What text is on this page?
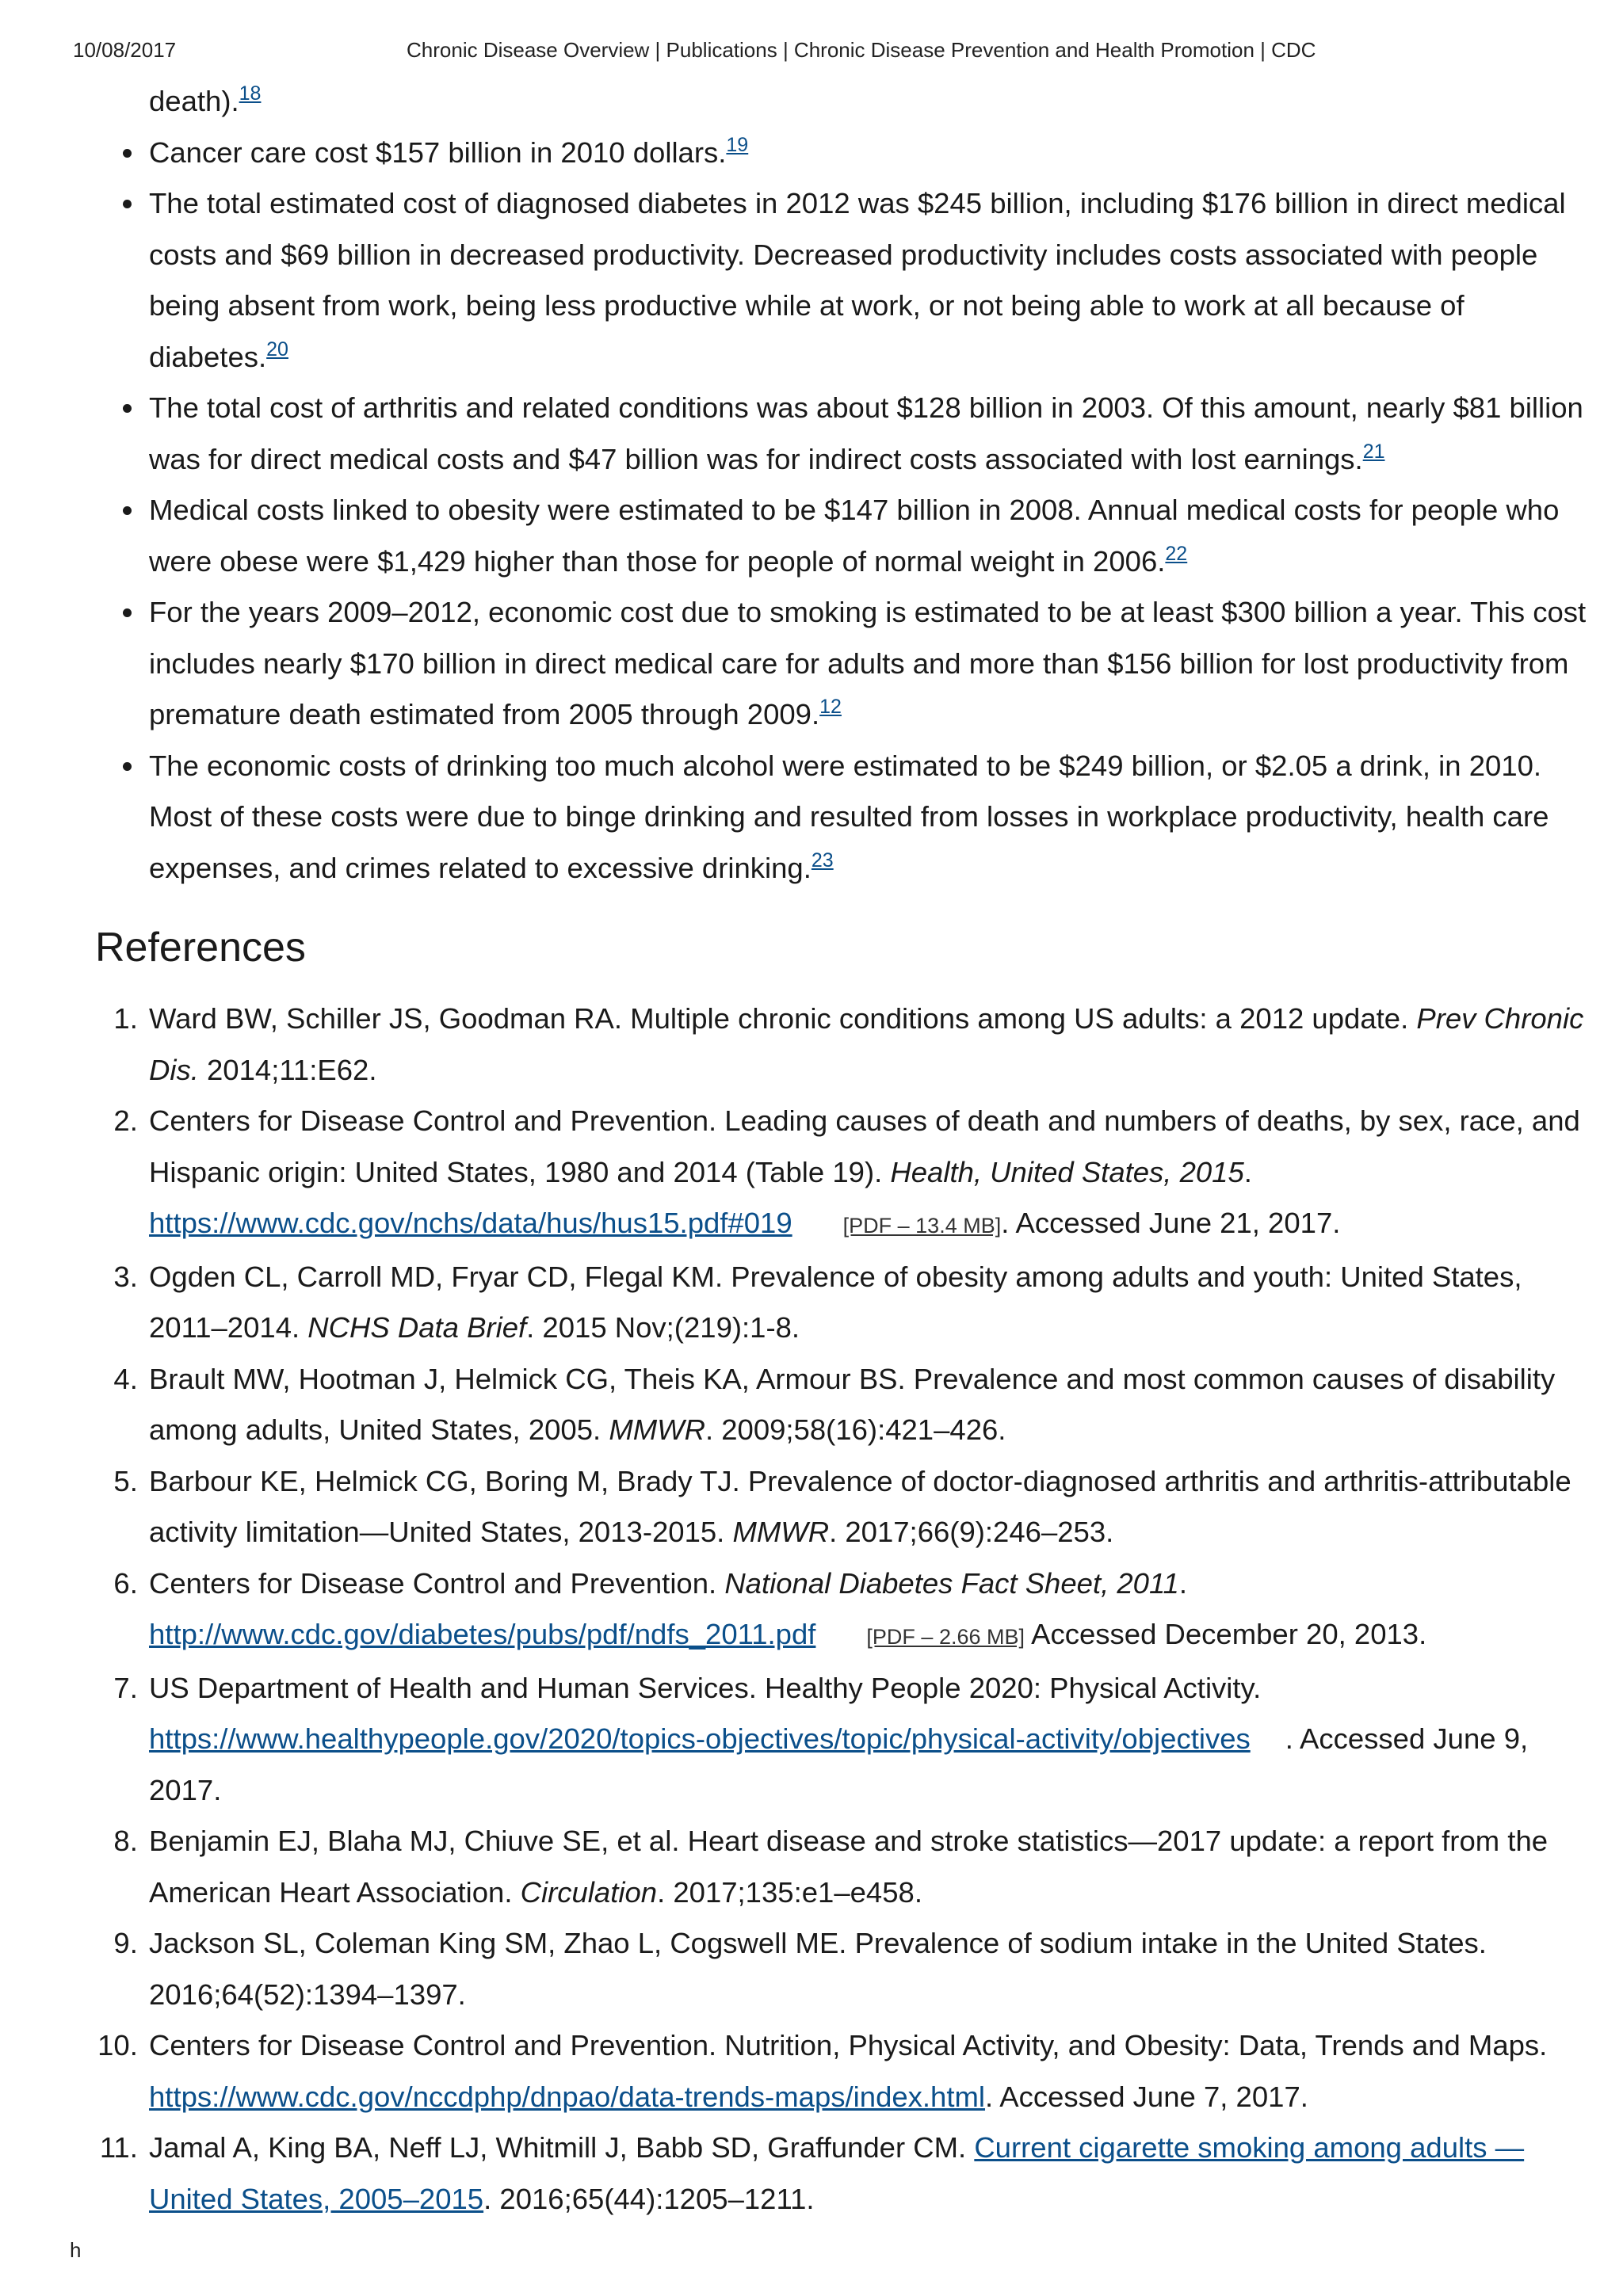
10/08/2017	Chronic Disease Overview | Publications | Chronic Disease Prevention and Health Promotion | CDC
death).$^{18}$
• Cancer care cost $157 billion in 2010 dollars.$^{19}$
• The total estimated cost of diagnosed diabetes in 2012 was $245 billion, including $176 billion in direct medical costs and $69 billion in decreased productivity. Decreased productivity includes costs associated with people being absent from work, being less productive while at work, or not being able to work at all because of diabetes.$^{20}$
• The total cost of arthritis and related conditions was about $128 billion in 2003. Of this amount, nearly $81 billion was for direct medical costs and $47 billion was for indirect costs associated with lost earnings.$^{21}$
• Medical costs linked to obesity were estimated to be $147 billion in 2008. Annual medical costs for people who were obese were $1,429 higher than those for people of normal weight in 2006.22
• For the years 2009–2012, economic cost due to smoking is estimated to be at least $300 billion a year. This cost includes nearly $170 billion in direct medical care for adults and more than $156 billion for lost productivity from premature death estimated from 2005 through 2009.12
• The economic costs of drinking too much alcohol were estimated to be $249 billion, or $2.05 a drink, in 2010. Most of these costs were due to binge drinking and resulted from losses in workplace productivity, health care expenses, and crimes related to excessive drinking.$^{23}$
References
1. Ward BW, Schiller JS, Goodman RA. Multiple chronic conditions among US adults: a 2012 update. Prev Chronic Dis. 2014;11:E62.
2. Centers for Disease Control and Prevention. Leading causes of death and numbers of deaths, by sex, race, and Hispanic origin: United States, 1980 and 2014 (Table 19). Health, United States, 2015. https://www.cdc.gov/nchs/data/hus/hus15.pdf#019 [PDF – 13.4 MB]. Accessed June 21, 2017.
3. Ogden CL, Carroll MD, Fryar CD, Flegal KM. Prevalence of obesity among adults and youth: United States, 2011–2014. NCHS Data Brief. 2015 Nov;(219):1-8.
4. Brault MW, Hootman J, Helmick CG, Theis KA, Armour BS. Prevalence and most common causes of disability among adults, United States, 2005. MMWR. 2009;58(16):421–426.
5. Barbour KE, Helmick CG, Boring M, Brady TJ. Prevalence of doctor-diagnosed arthritis and arthritis-attributable activity limitation—United States, 2013-2015. MMWR. 2017;66(9):246–253.
6. Centers for Disease Control and Prevention. National Diabetes Fact Sheet, 2011. http://www.cdc.gov/diabetes/pubs/pdf/ndfs_2011.pdf [PDF – 2.66 MB] Accessed December 20, 2013.
7. US Department of Health and Human Services. Healthy People 2020: Physical Activity. https://www.healthypeople.gov/2020/topics-objectives/topic/physical-activity/objectives . Accessed June 9, 2017.
8. Benjamin EJ, Blaha MJ, Chiuve SE, et al. Heart disease and stroke statistics—2017 update: a report from the American Heart Association. Circulation. 2017;135:e1–e458.
9. Jackson SL, Coleman King SM, Zhao L, Cogswell ME. Prevalence of sodium intake in the United States. 2016;64(52):1394–1397.
10. Centers for Disease Control and Prevention. Nutrition, Physical Activity, and Obesity: Data, Trends and Maps. https://www.cdc.gov/nccdphp/dnpao/data-trends-maps/index.html. Accessed June 7, 2017.
11. Jamal A, King BA, Neff LJ, Whitmill J, Babb SD, Graffunder CM. Current cigarette smoking among adults — United States, 2005–2015. 2016;65(44):1205–1211.
h
